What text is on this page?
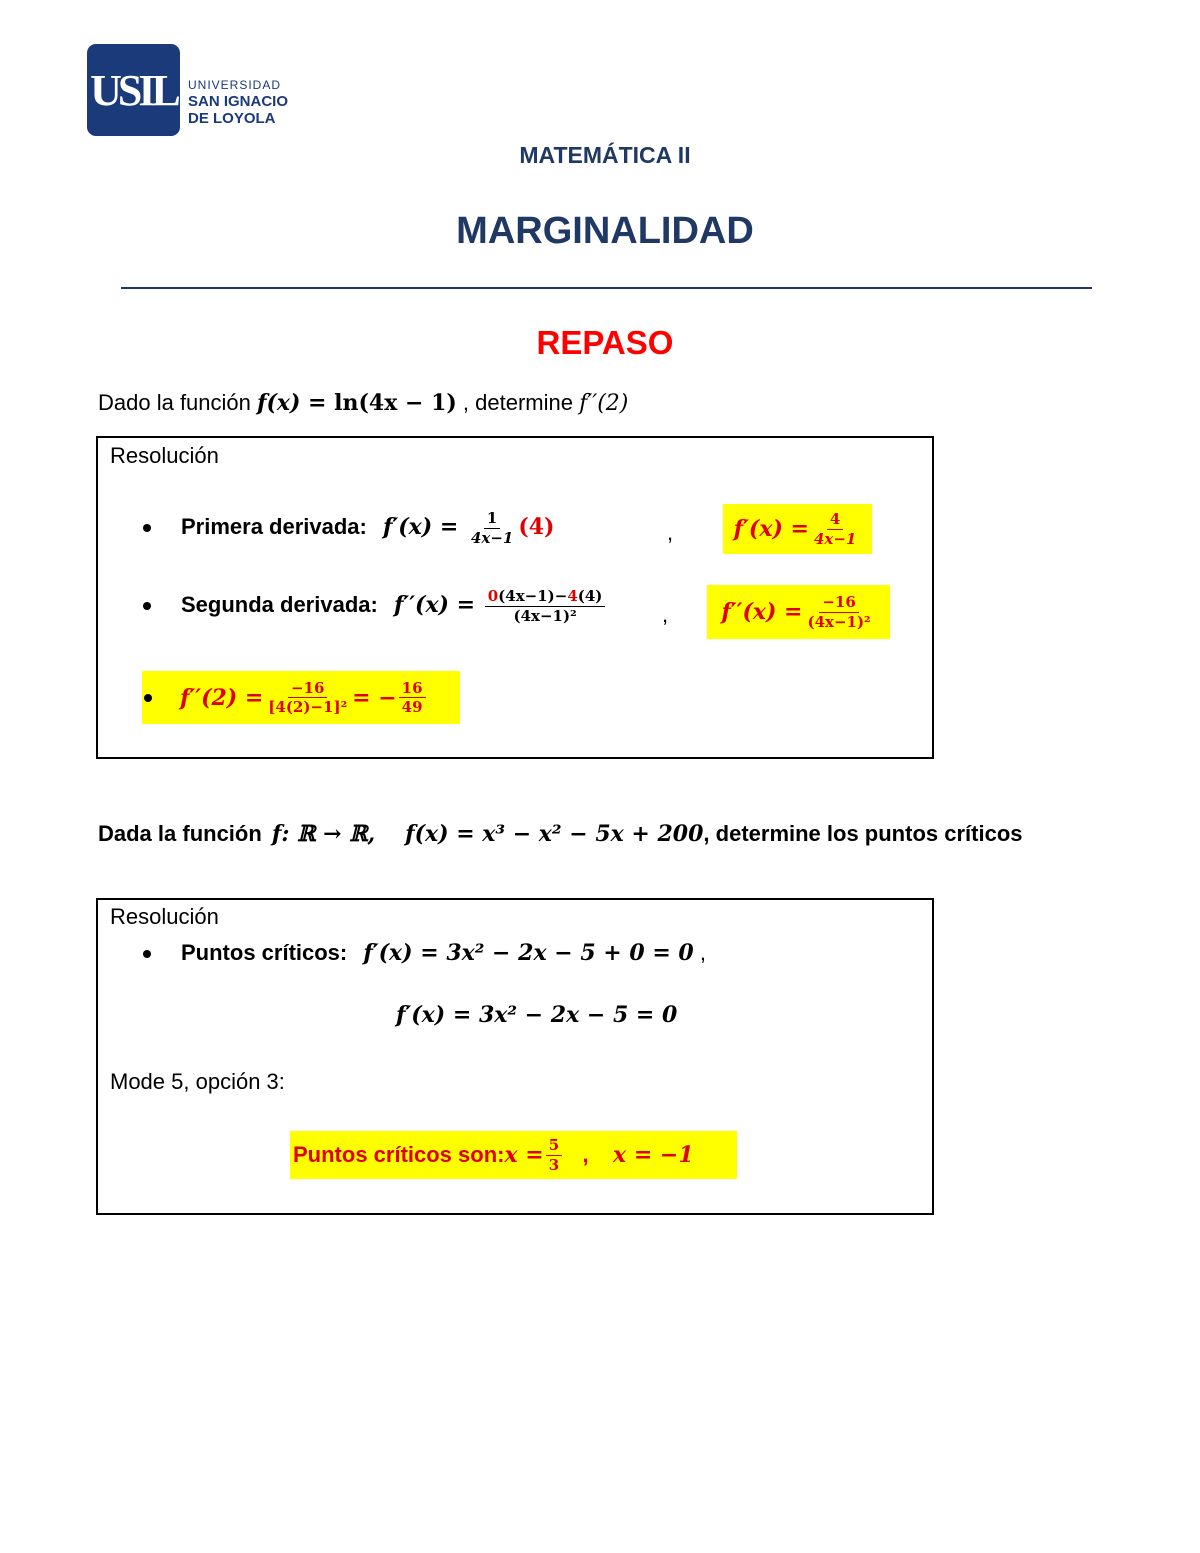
USIL UNIVERSIDAD
SAN IGNACIO
DE LOYOLA
MATEMÁTICA II
MARGINALIDAD
REPASO
Dado la función f(x) = ln(4x − 1) , determine f′′(2)
Resolución
Primera derivada: $f'(x) = \frac{1}{4x-1} (4)$	,	$f'(x) = \frac{4}{4x-1}$
Segunda derivada: $f''(x) = \frac{0(4x-1)-4(4)}{\text{(4x−1)²}}$	, $f''(x) = \frac{-16}{\text{(4x−1)²}}$
$f''(2) = \frac{-16}{\text{[4(2)−1]²}}$ = − $\frac{16}{49}$
Dada la función f: ℝ → ℝ, f(x) = x³ − x² − 5x + 200, determine los puntos críticos
Resolución
Puntos críticos: f′(x) = 3x² − 2x − 5 + 0 = 0 ,
f′(x) = 3x² − 2x − 5 = 0
Mode 5, opción 3:
Puntos críticos son: $x = \frac{5}{3}$ , x = −1
